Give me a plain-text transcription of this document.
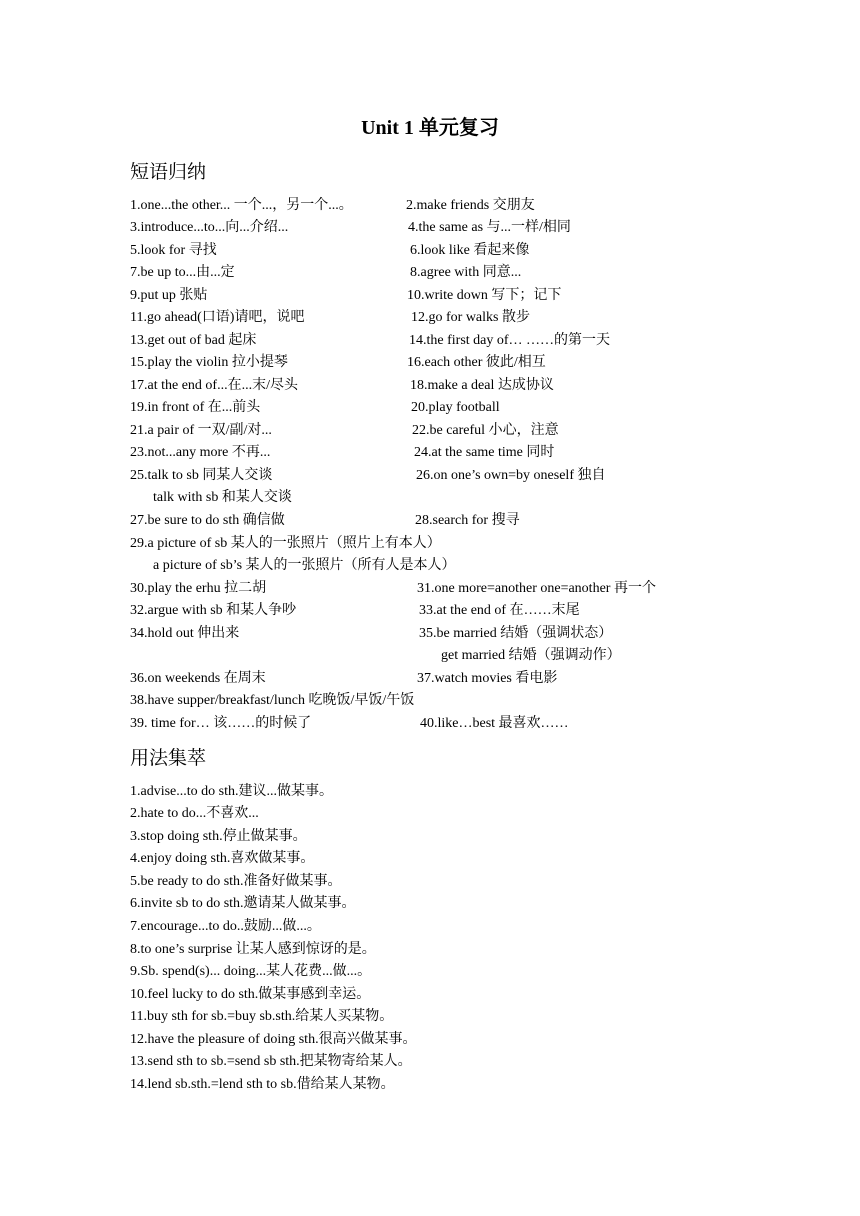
Unit 1 单元复习
短语归纳
1.one...the other... 一个...，另一个...。	2.make friends 交朋友
3.introduce...to...向...介绍...	4.the same as 与...一样/相同
5.look for 寻找	6.look like 看起来像
7.be up to...由...定	8.agree with 同意...
9.put up 张贴	10.write down 写下；记下
11.go ahead(口语)请吧，说吧	12.go for walks 散步
13.get out of bad 起床	14.the first day of… ……的第一天
15.play the violin 拉小提琴	16.each other 彼此/相互
17.at the end of...在...末/尽头	18.make a deal 达成协议
19.in front of 在...前头	20.play football
21.a pair of 一双/副/对...	22.be careful 小心，注意
23.not...any more 不再...	24.at the same time 同时
25.talk to sb 同某人交谈	26.on one’s own=by oneself 独自
talk with sb 和某人交谈
27.be sure to do sth 确信做	28.search for 搜寻
29.a picture of sb 某人的一张照片（照片上有本人）
a picture of sb’s 某人的一张照片（所有人是本人）
30.play the erhu 拉二胡	31.one more=another one=another 再一个
32.argue with sb 和某人争吵	33.at the end of 在……末尾
34.hold out 伸出来	35.be married 结婚（强调状态）
get married 结婚（强调动作）
36.on weekends 在周末	37.watch movies 看电影
38.have supper/breakfast/lunch 吃晚饭/早饭/午饭
39. time for… 该……的时候了	40.like…best 最喜欢……
用法集萃
1.advise...to do sth.建议...做某事。
2.hate to do...不喜欢...
3.stop doing sth.停止做某事。
4.enjoy doing sth.喜欢做某事。
5.be ready to do sth.准备好做某事。
6.invite sb to do sth.邀请某人做某事。
7.encourage...to do..鼓励...做...。
8.to one’s surprise 让某人感到惊讶的是。
9.Sb. spend(s)... doing...某人花费...做...。
10.feel lucky to do sth.做某事感到幸运。
11.buy sth for sb.=buy sb.sth.给某人买某物。
12.have the pleasure of doing sth.很高兴做某事。
13.send sth to sb.=send sb sth.把某物寄给某人。
14.lend sb.sth.=lend sth to sb.借给某人某物。
